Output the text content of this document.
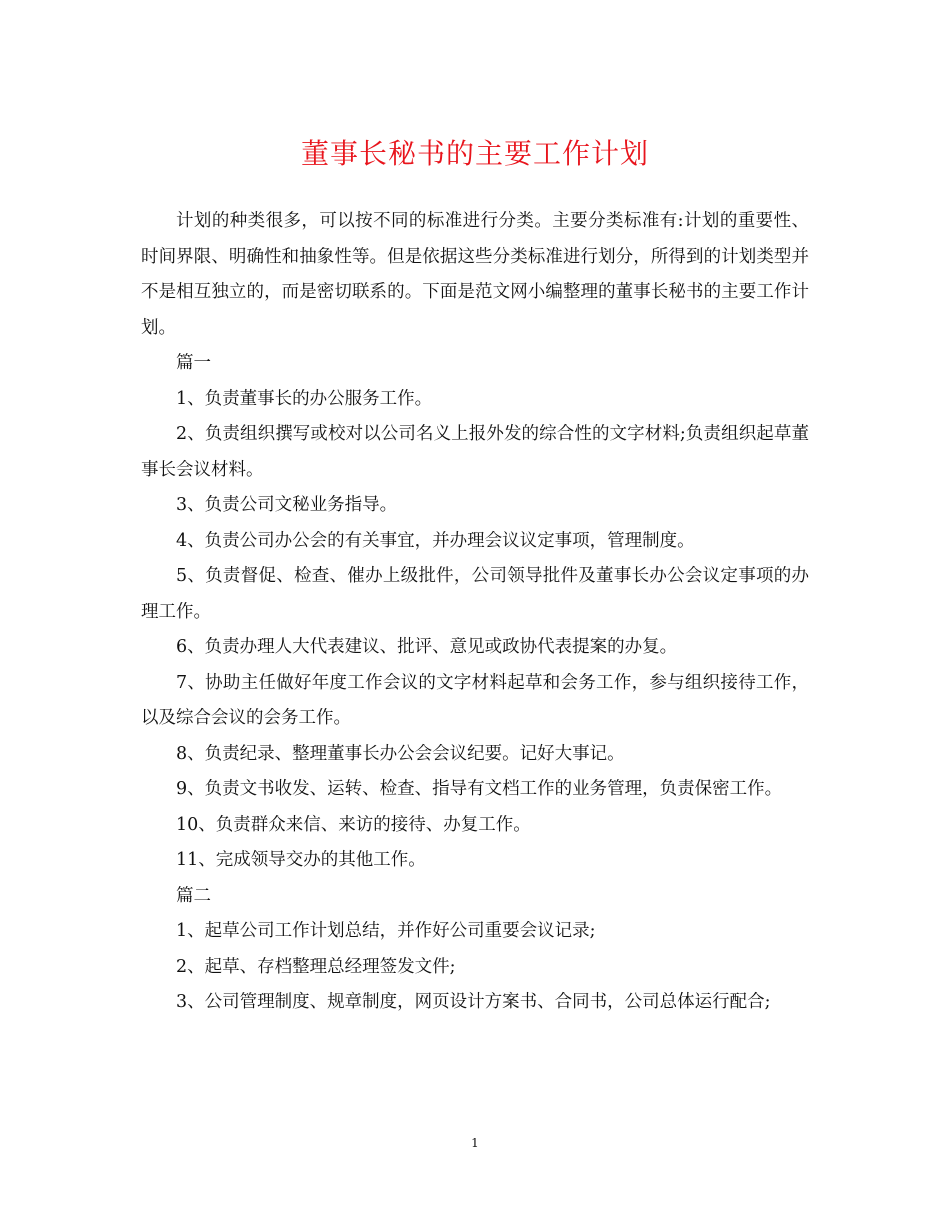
董事长秘书的主要工作计划

计划的种类很多，可以按不同的标准进行分类。主要分类标准有:计划的重要性、时间界限、明确性和抽象性等。但是依据这些分类标准进行划分，所得到的计划类型并不是相互独立的，而是密切联系的。下面是范文网小编整理的董事长秘书的主要工作计划。

篇一

1、负责董事长的办公服务工作。

2、负责组织撰写或校对以公司名义上报外发的综合性的文字材料;负责组织起草董事长会议材料。

3、负责公司文秘业务指导。

4、负责公司办公会的有关事宜，并办理会议议定事项，管理制度。

5、负责督促、检查、催办上级批件，公司领导批件及董事长办公会议定事项的办理工作。

6、负责办理人大代表建议、批评、意见或政协代表提案的办复。

7、协助主任做好年度工作会议的文字材料起草和会务工作，参与组织接待工作，以及综合会议的会务工作。

8、负责纪录、整理董事长办公会会议纪要。记好大事记。

9、负责文书收发、运转、检查、指导有文档工作的业务管理，负责保密工作。

10、负责群众来信、来访的接待、办复工作。

11、完成领导交办的其他工作。

篇二

1、起草公司工作计划总结，并作好公司重要会议记录;

2、起草、存档整理总经理签发文件;

3、公司管理制度、规章制度，网页设计方案书、合同书，公司总体运行配合;

1
